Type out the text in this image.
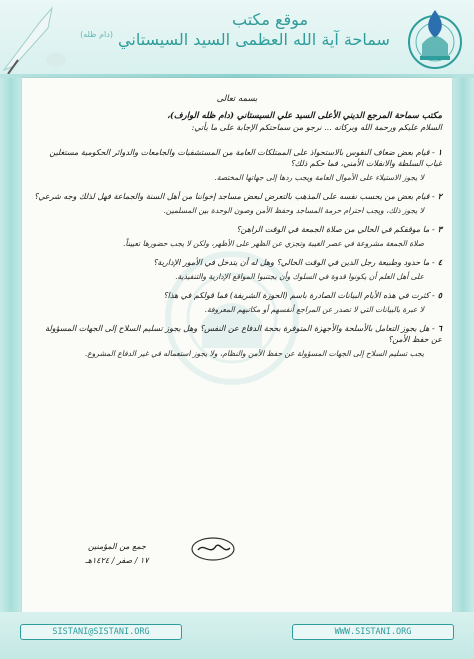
موقع مكتب
سماحة آية الله العظمى السيد السيستاني $^{(دام ظله)}$

بسمه تعالى

مكتب سماحة المرجع الديني الأعلى السيد علي السيستاني (دام ظله الوارف)،

السلام عليكم ورحمة الله وبركاته ... نرجو من سماحتكم الإجابة على ما يأتي:

١- قيام بعض ضعاف النفوس بالاستحواذ على الممتلكات العامة من المستشفيات والجامعات والدوائر الحكومية مستغلين غياب السلطة والانفلات الأمني، فما حكم ذلك؟

لا يجوز الاستيلاء على الأموال العامة ويجب ردها إلى جهاتها المختصة.

٢- قيام بعض من يحسب نفسه على المذهب بالتعرض لبعض مساجد إخواننا من أهل السنة والجماعة فهل لذلك وجه شرعي؟

لا يجوز ذلك، ويجب احترام حرمة المساجد وحفظ الأمن وصون الوحدة بين المسلمين.

٣- ما موقفكم في الحالي من صلاة الجمعة في الوقت الراهن؟

صلاة الجمعة مشروعة في عصر الغيبة وتجزي عن الظهر على الأظهر، ولكن لا يجب حضورها تعييناً.

٤- ما حدود وطبيعة رجل الدين في الوقت الحالي؟ وهل له أن يتدخل في الأمور الإدارية؟

على أهل العلم أن يكونوا قدوة في السلوك وأن يجتنبوا المواقع الإدارية والتنفيذية.

٥- كثرت في هذه الأيام البيانات الصادرة باسم (الحوزة الشريفة) فما قولكم في هذا؟

لا عبرة بالبيانات التي لا تصدر عن المراجع أنفسهم أو مكاتبهم المعروفة.

٦- هل يجوز التعامل بالأسلحة والأجهزة المتوفرة بحجة الدفاع عن النفس؟ وهل يجوز تسليم السلاح إلى الجهات المسؤولة عن حفظ الأمن؟

يجب تسليم السلاح إلى الجهات المسؤولة عن حفظ الأمن والنظام، ولا يجوز استعماله في غير الدفاع المشروع.

جمع من المؤمنين
١٧ / صفر / ١٤٢٤هـ
SISTANI@SISTANI.ORG	WWW.SISTANI.ORG
